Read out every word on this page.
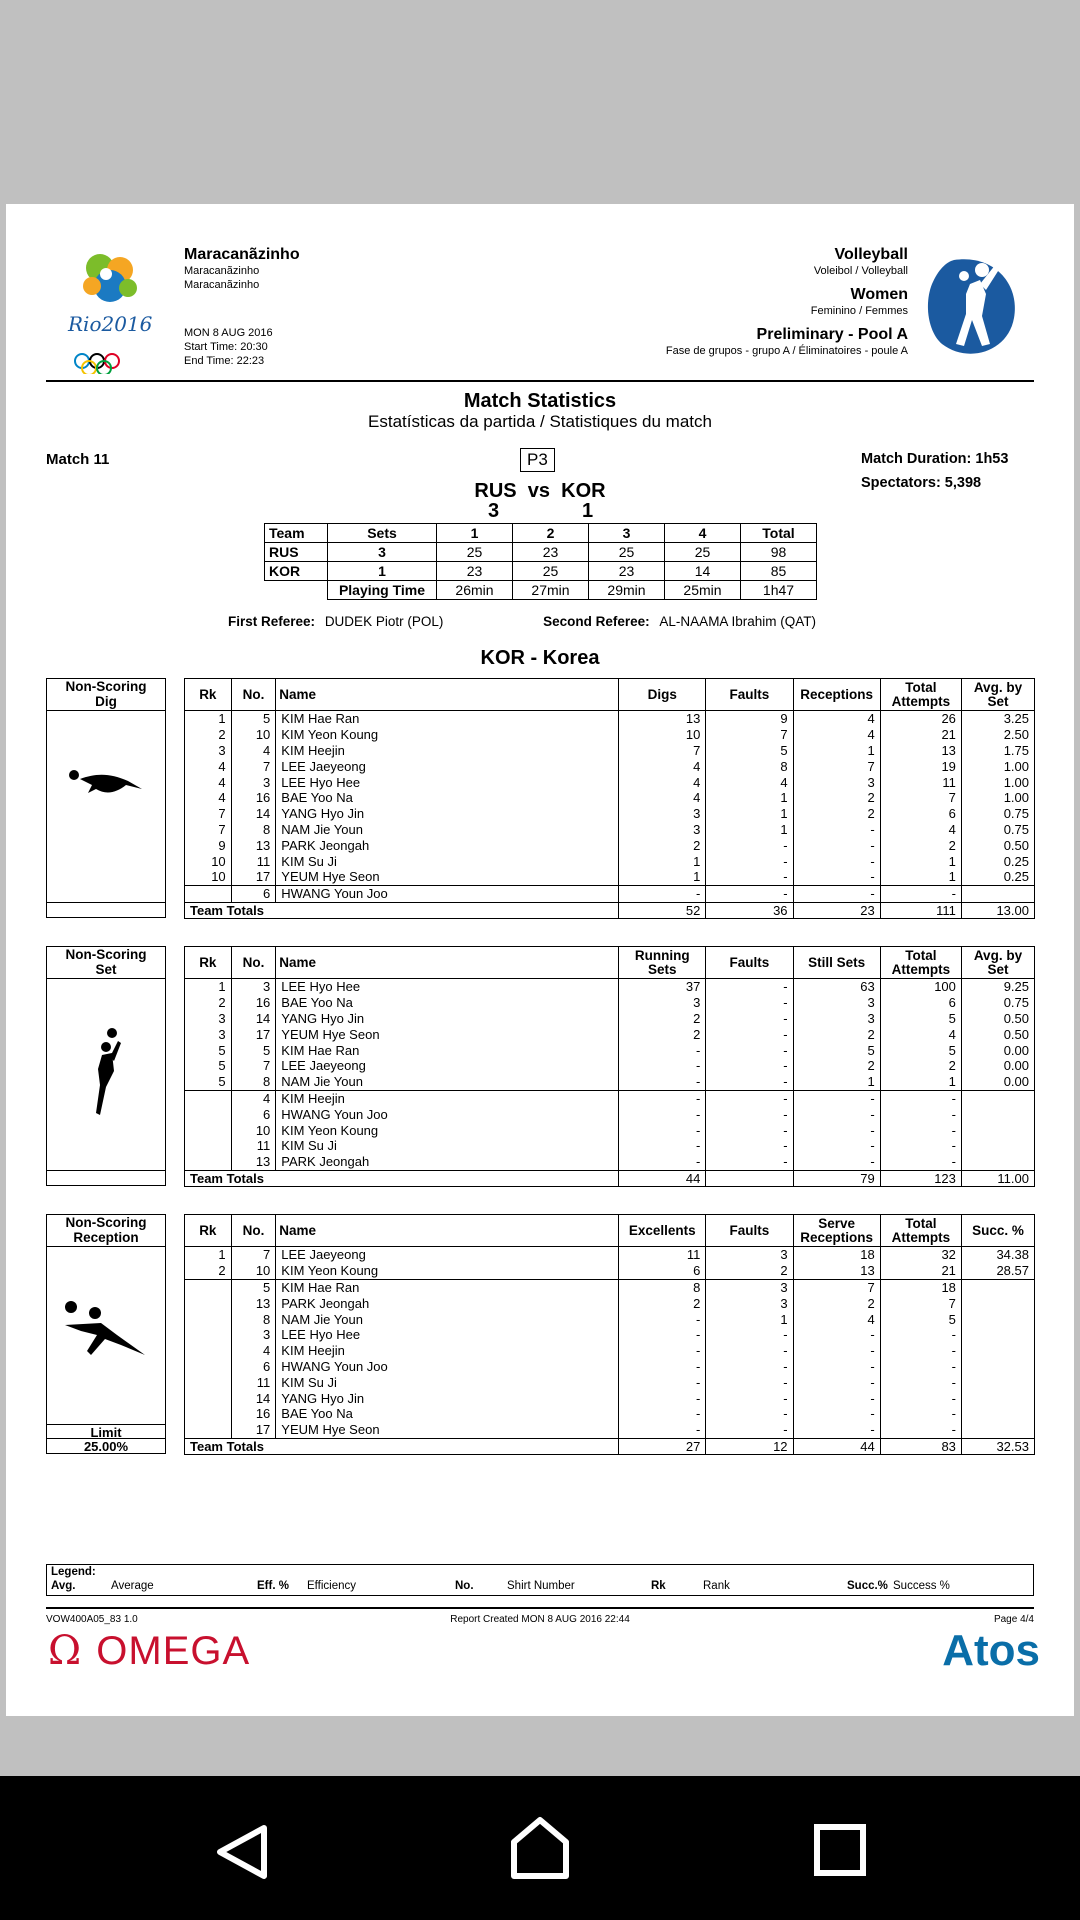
Rio2016
Maracanãzinho
Maracanãzinho
Maracanãzinho
MON 8 AUG 2016
Start Time: 20:30
End Time: 22:23
Volleyball
Voleibol / Volleyball
Women
Feminino / Femmes
Preliminary - Pool A
Fase de grupos - grupo A / Éliminatoires - poule A
Match Statistics
Estatísticas da partida / Statistiques du match
Match 11	P3	Match Duration: 1h53
Spectators: 5,398
RUS  vs  KOR
3	1
Team	Sets	1	2	3	4	Total
RUS	3	25	23	25	25	98
KOR	1	23	25	23	14	85
	Playing Time	26min	27min	29min	25min	1h47
First Referee: DUDEK Piotr (POL)	Second Referee: AL-NAAMA Ibrahim (QAT)
KOR - Korea
Non-Scoring
Dig	Rk	No.	Name	Digs	Faults	Receptions	Total Attempts	Avg. by Set
1	5	KIM Hae Ran	13	9	4	26	3.25
2	10	KIM Yeon Koung	10	7	4	21	2.50
3	4	KIM Heejin	7	5	1	13	1.75
4	7	LEE Jaeyeong	4	8	7	19	1.00
4	3	LEE Hyo Hee	4	4	3	11	1.00
4	16	BAE Yoo Na	4	1	2	7	1.00
7	14	YANG Hyo Jin	3	1	2	6	0.75
7	8	NAM Jie Youn	3	1	-	4	0.75
9	13	PARK Jeongah	2	-	-	2	0.50
10	11	KIM Su Ji	1	-	-	1	0.25
10	17	YEUM Hye Seon	1	-	-	1	0.25
	6	HWANG Youn Joo	-	-	-	-	
Team Totals			52	36	23	111	13.00
Non-Scoring
Set	Rk	No.	Name	Running Sets	Faults	Still Sets	Total Attempts	Avg. by Set
1	3	LEE Hyo Hee	37	-	63	100	9.25
2	16	BAE Yoo Na	3	-	3	6	0.75
3	14	YANG Hyo Jin	2	-	3	5	0.50
3	17	YEUM Hye Seon	2	-	2	4	0.50
5	5	KIM Hae Ran	-	-	5	5	0.00
5	7	LEE Jaeyeong	-	-	2	2	0.00
5	8	NAM Jie Youn	-	-	1	1	0.00
	4	KIM Heejin	-	-	-	-	
	6	HWANG Youn Joo	-	-	-	-	
	10	KIM Yeon Koung	-	-	-	-	
	11	KIM Su Ji	-	-	-	-	
	13	PARK Jeongah	-	-	-	-	
Team Totals			44		79	123	11.00
Non-Scoring
Reception
Limit
25.00%
Rk	No.	Name	Excellents	Faults	Serve Receptions	Total Attempts	Succ. %
1	7	LEE Jaeyeong	11	3	18	32	34.38
2	10	KIM Yeon Koung	6	2	13	21	28.57
	5	KIM Hae Ran	8	3	7	18	
	13	PARK Jeongah	2	3	2	7	
	8	NAM Jie Youn	-	1	4	5	
	3	LEE Hyo Hee	-	-	-	-	
	4	KIM Heejin	-	-	-	-	
	6	HWANG Youn Joo	-	-	-	-	
	11	KIM Su Ji	-	-	-	-	
	14	YANG Hyo Jin	-	-	-	-	
	16	BAE Yoo Na	-	-	-	-	
	17	YEUM Hye Seon	-	-	-	-	
Team Totals			27	12	44	83	32.53
Legend:
Avg.	Average	Eff. % Efficiency	No.	Shirt Number	Rk	Rank	Succ.% Success %
VOW400A05_83 1.0	Report Created MON 8 AUG 2016 22:44	Page 4/4
Ω OMEGA	Atos
